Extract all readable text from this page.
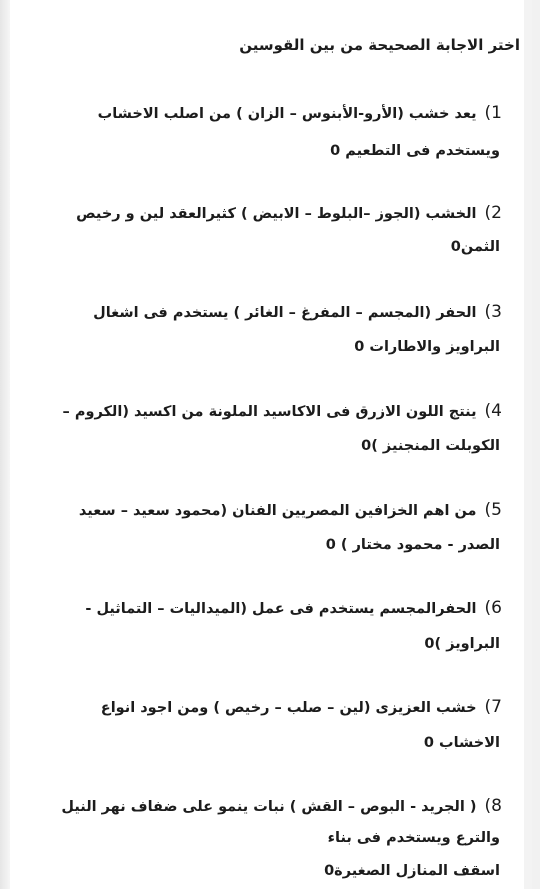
اختر الاجابة الصحيحة من بين القوسين
1)يعد خشب (الأرو-الأبنوس – الزان ) من اصلب الاخشاب
ويستخدم فى التطعيم 0
2)الخشب (الجوز –البلوط – الابيض ) كثيرالعقد لين و رخيص
الثمن0
3)الحفر (المجسم – المفرغ – الغائر ) يستخدم فى اشغال
البراويز والاطارات 0
4)ينتج اللون الازرق فى الاكاسيد الملونة من اكسيد (الكروم –
الكوبلت المنجنيز )0
5)من اهم الخزافين المصريين الفنان (محمود سعيد – سعيد
الصدر - محمود مختار ) 0
6)الحفرالمجسم يستخدم فى عمل (الميداليات – التماثيل -
البراويز )0
7)خشب العزيزى (لين – صلب – رخيص ) ومن اجود انواع
الاخشاب 0
8)( الجريد - البوص – القش ) نبات ينمو على ضفاف نهر النيل
والترع ويستخدم فى بناء
اسقف المنازل الصغيرة0
